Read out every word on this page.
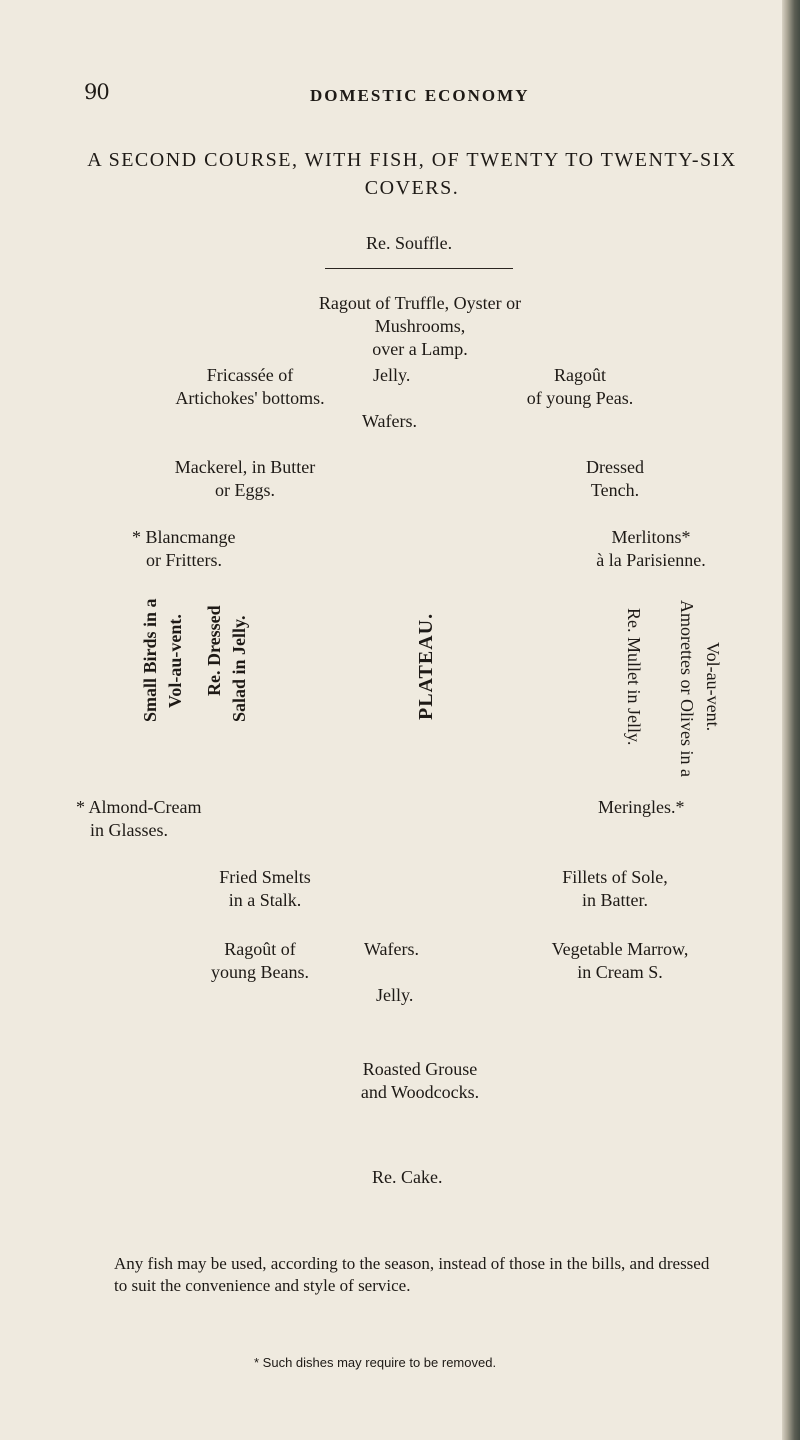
90	DOMESTIC ECONOMY
A SECOND COURSE, WITH FISH, OF TWENTY TO TWENTY-SIX COVERS.
Re. Souffle.
Ragout of Truffle, Oyster or
Mushrooms,
over a Lamp.
Fricassée of
Artichokes' bottoms.
Jelly.
Wafers.
Ragoût
of young Peas.
Mackerel, in Butter
or Eggs.
Dressed
Tench.
* Blancmange
or Fritters.
Merlitons*
à la Parisienne.
Small Birds in a Vol-au-vent. Re. Dressed Salad in Jelly.	PLATEAU.	Re. Mullet in Jelly.	Vol-au-vent.
Amorettes or Olives in a
* Almond-Cream
in Glasses.
Meringles.*
Fried Smelts
in a Stalk.
Fillets of Sole,
in Batter.
Ragoût of
young Beans.
Wafers.
Jelly.
Vegetable Marrow,
in Cream S.
Roasted Grouse
and Woodcocks.
Re. Cake.
Any fish may be used, according to the season, instead of those in the bills, and dressed to suit the convenience and style of service.
* Such dishes may require to be removed.
